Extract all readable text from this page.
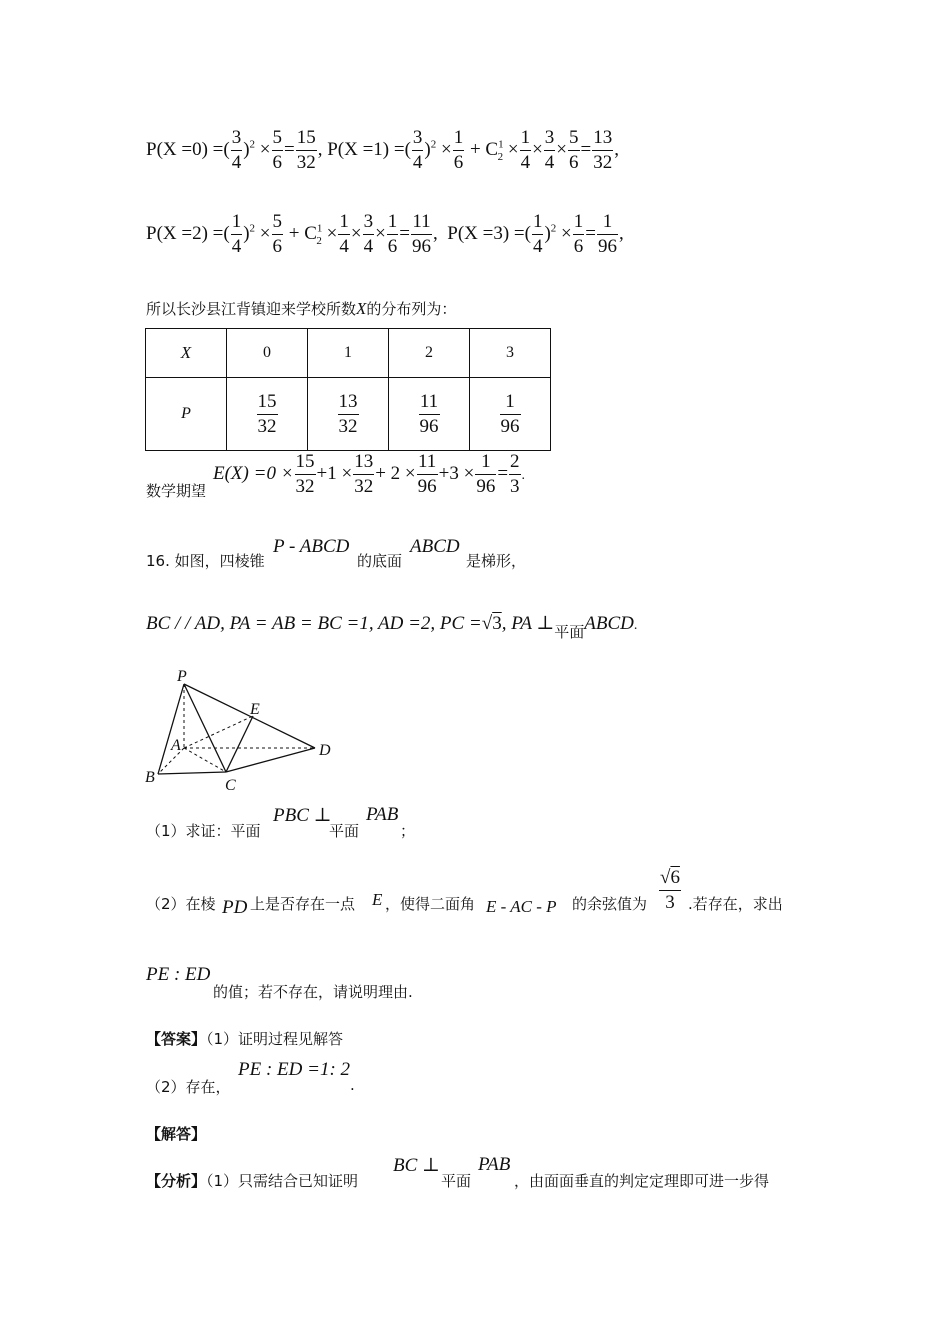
P(X =0) =( $\frac{3}{4} )^2 \times \frac{5}{6} = \frac{15}{32}$ , P(X =1) =( $\frac{3}{4} )^2 \times \frac{1}{6} + C^1_2 \times \frac{1}{4} \times \frac{3}{4} \times \frac{5}{6} = \frac{13}{32}$ ,
P(X =2) =( $\frac{1}{4} )^2 \times \frac{5}{6} + C^1_2 \times \frac{1}{4} \times \frac{3}{4} \times \frac{1}{6} = \frac{11}{96}$ , P(X =3) =( $\frac{1}{4} )^2 \times \frac{1}{6} = \frac{1}{96}$ ,
所以长沙县江背镇迎来学校所数X的分布列为：
X	0	1	2	3
P	$\frac{15}{32}$	$\frac{13}{32}$	$\frac{11}{96}$	$\frac{1}{96}$
数学期望
$E(X) =0 \times \frac{15}{32} +1 \times \frac{13}{32} + 2 \times \frac{11}{96} +3 \times \frac{1}{96} = \frac{2}{3}$ .
16. 如图，四棱锥
P - ABCD
的底面
ABCD
是梯形，
BC / / AD, PA = AB = BC =1, AD =2, PC =√3, PA ⊥平面ABCD.
P
E
A	D
B	C
（1）求证：平面
PBC ⊥
平面
PAB
；
（2）在棱 PD 上是否存在一点 E ，使得二面角 E - AC - P 的余弦值为 $\frac{√6}{3}$ .若存在，求出
PE : ED
的值；若不存在，请说明理由.
【答案】（1）证明过程见解答
（2）存在，
PE : ED =1: 2
.
【解答】
【分析】（1）只需结合已知证明
BC ⊥
平面
PAB
，由面面垂直的判定定理即可进一步得
